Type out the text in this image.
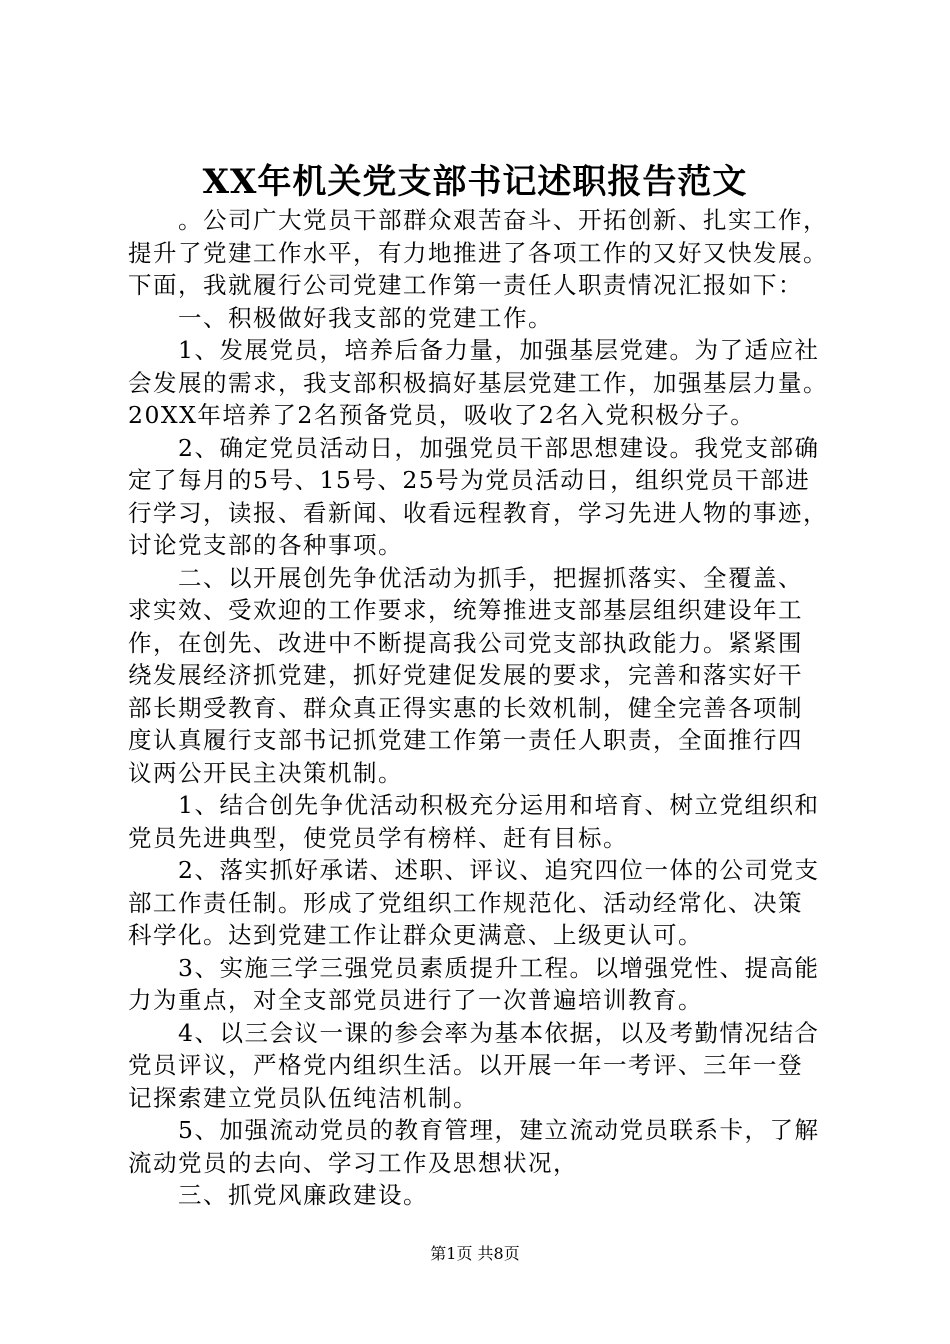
XX年机关党支部书记述职报告范文
　　。公司广大党员干部群众艰苦奋斗、开拓创新、扎实工作，
提升了党建工作水平，有力地推进了各项工作的又好又快发展。
下面，我就履行公司党建工作第一责任人职责情况汇报如下：
　　一、积极做好我支部的党建工作。
　　1、发展党员，培养后备力量，加强基层党建。为了适应社
会发展的需求，我支部积极搞好基层党建工作，加强基层力量。
20XX年培养了2名预备党员，吸收了2名入党积极分子。
　　2、确定党员活动日，加强党员干部思想建设。我党支部确
定了每月的5号、15号、25号为党员活动日，组织党员干部进
行学习，读报、看新闻、收看远程教育，学习先进人物的事迹，
讨论党支部的各种事项。
　　二、以开展创先争优活动为抓手，把握抓落实、全覆盖、
求实效、受欢迎的工作要求，统筹推进支部基层组织建设年工
作，在创先、改进中不断提高我公司党支部执政能力。紧紧围
绕发展经济抓党建，抓好党建促发展的要求，完善和落实好干
部长期受教育、群众真正得实惠的长效机制，健全完善各项制
度认真履行支部书记抓党建工作第一责任人职责，全面推行四
议两公开民主决策机制。
　　1、结合创先争优活动积极充分运用和培育、树立党组织和
党员先进典型，使党员学有榜样、赶有目标。
　　2、落实抓好承诺、述职、评议、追究四位一体的公司党支
部工作责任制。形成了党组织工作规范化、活动经常化、决策
科学化。达到党建工作让群众更满意、上级更认可。
　　3、实施三学三强党员素质提升工程。以增强党性、提高能
力为重点，对全支部党员进行了一次普遍培训教育。
　　4、以三会议一课的参会率为基本依据，以及考勤情况结合
党员评议，严格党内组织生活。以开展一年一考评、三年一登
记探索建立党员队伍纯洁机制。
　　5、加强流动党员的教育管理，建立流动党员联系卡，了解
流动党员的去向、学习工作及思想状况，
　　三、抓党风廉政建设。
第1页 共8页
